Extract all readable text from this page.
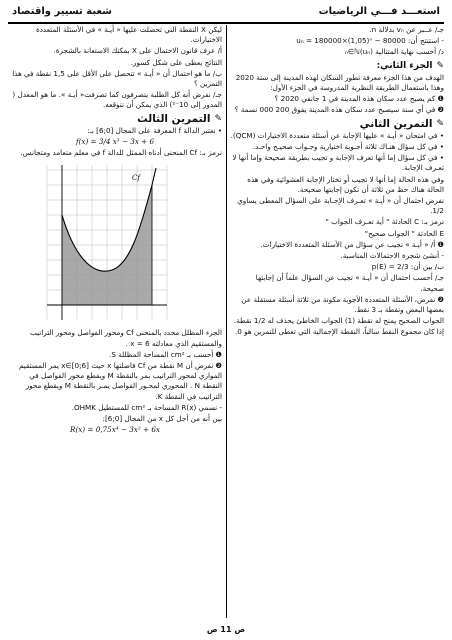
استعـــد فـــي الرياضيات
شعبة تسيير واقتصاد

جـ/ عــبر عن vₙ بدلالة n.

- استنتج أن: uₙ = 180000×(1,05)ⁿ − 80000

د/ أحسب نهاية المتتالية (uₙ)ₙ∈ℕ

✎
الجزء الثاني:

الهدف من هذا الجزء معرفة تطور السكان لهذه المدينة إلى سنة 2020 وهذا باستعمال الطريقة النظرية المدروسة في الجزء الأول:

❶ كم يصبح عدد سكان هذه المدينة في 1 جانفي 2020 ؟

❷ في أي سنة سيصبح عدد سكان هذه المدينة يفوق 200 000 نسمة ؟

✎
التمرين الثاني

• في امتحان « أيـة » عليها الإجابة عن أسئلة متعددة الاختيارات (QCM).

• في كل سؤال هنـاك ثلاثة أجـوبة اختيارية وجـواب صحيـح واحـد.

• في كل سؤال إما أنها تعرف الإجابة و تجيب بطريقة صحيحة وإما أنها لا تعـرف الإجابة.

وفي هذه الحالة إما أنها لا تجيب أو تختار الإجابة العشوائية وفي هذه الحالة هناك حظ من ثلاثة أن تكون إجابتها صحيحة.

نفرض احتمال أن « أيـة » تعـرف الإجـابة على السؤال المعطى يساوي 1/2.

نرمز بـ: C الحادثة " أية تعـرف الجواب "

E الحادثة " الجواب صحيح"

❶ أ/ « أيـة » تجيب عن سؤال من الأسئلة المتعددة الاختيارات.

- أنشئ شجرة الاحتمالات المناسبة.

ب/ بين أن: p(E) = 2/3

جـ/ أحسب احتمال أن « أيـة » تجيب عن السؤال علماً أن إجابتها صحيحة.

❷ نفرض، الأسئلة المتعددة الأجوبة مكونة من ثلاثة أسئلة مستقلة عن بعضها البعض ونقطة بـ 3 نقط.

الجواب الصحيح يمنح له نقطة (1) الجواب الخاطئ يحذف له 1/2 نقطة.

إذا كان مجموع النقط سالباً، النقطة الإجمالية التي تعطى للتمرين هو 0.

ليكن X النقطة التي تحصلت عليها « أيـة » في الأسئلة المتعددة الاختيارات.

أ/ عرف قانون الاحتمال على X بمكنك الاستعانة بالشجرة.

النتائج يعطى على شكل كسور.

ب/ ما هو احتمال أن « أيـة » تتحصل على الأقل على 1,5 نقطة في هذا التمرين ؟

جـ/ نفرض أنه كل الطلبة يتصرفون كما تصرفت« أيـة ». ما هو المعدل ( المدور إلى 10⁻²) الذي يمكن أن نتوقعه.

✎
التمرين الثالث

• نعتبر الدالة f المعرفة على المجال [0;6] بـ:

f(x) = 3/4 x³ − 3x + 6

نرمز بـ: Cf المنحنى أدناه الممثل للدالة f في معلم متعامد ومتجانس.

Cf

الجزء المظلل محدد بالمنحنى Cf ومحور الفواصل ومحور التراتيب والمستقيم الذي معادلته x = 6 .

❶ أحسب بـ cm² المساحة المظللة S.

❷ نفرض أن M نقطة من Cf فاصلتها x حيث x∈[0;6] يمر المستقيم الموازي لمحور التراتيب بمر بالنقطة M ويقطع محور الفواصل في النقطة N . المحوري لمحـور الفواصل يمـر بالنقطة M ويقطع محور التراتيب في النقطة K.

- نسمي R(x) المساحة بـ cm² للمستطيل OHMK.

بين أنه من أجل كل x من المجال [0;6]:

R(x) = 0,75x⁴ − 3x² + 6x

ص 11 ص
